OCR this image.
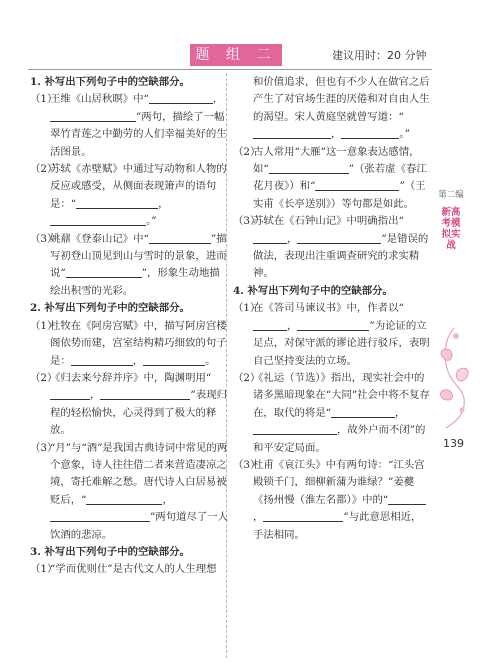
题 组 二	建议用时：20 分钟

1. 补写出下列句子中的空缺部分。

（1）王维《山居秋暝》中“	，”两句，描绘了一幅翠竹青莲之中勤劳的人们幸福美好的生活图景。

（2）苏轼《赤壁赋》中通过写动物和人物的反应或感受，从侧面表现箫声的语句是：“	，。”

（3）姚鼐《登泰山记》中“	”描写初登山顶见到山与雪时的景象，进而说“	”，形象生动地描绘出积雪的光彩。

2. 补写出下列句子中的空缺部分。

（1）杜牧在《阿房宫赋》中，描写阿房宫楼阁依势而建，宫室结构精巧细致的句子是：	，	。

（2）《归去来兮辞并序》中，陶渊明用“，	”表现归程的轻松愉快，心灵得到了极大的释放。

（3）“月”与“酒”是我国古典诗词中常见的两个意象，诗人往往借二者来营造凄凉之境，寄托难解之愁。唐代诗人白居易被贬后，“	，”两句道尽了一人饮酒的悲凉。

3. 补写出下列句子中的空缺部分。

（1）“学而优则仕”是古代文人的人生理想

和价值追求，但也有不少人在做官之后产生了对官场生涯的厌倦和对自由人生的渴望。宋人黄庭坚就曾写道：“，	。”

（2）古人常用“大雁”这一意象表达感情，如“	”（张若虚《春江花月夜》）和“	”（王实甫《长亭送别》）等句都是如此。

（3）苏轼在《石钟山记》中明确指出“，	”是错误的做法，表现出注重调查研究的求实精神。

4. 补写出下列句子中的空缺部分。

（1）在《答司马谏议书》中，作者以“，	”为论证的立足点，对保守派的谬论进行驳斥，表明自己坚持变法的立场。

（2）《礼运（节选）》指出，现实社会中的诸多黑暗现象在“大同”社会中将不复存在，取代的将是“	，，故外户而不闭”的和平安定局面。

（3）杜甫《哀江头》中有两句诗：“江头宫殿锁千门，细柳新蒲为谁绿？”姜夔《扬州慢（淮左名都）》中的“，	”与此意思相近，手法相同。

第二编
新高考模拟实战
139
